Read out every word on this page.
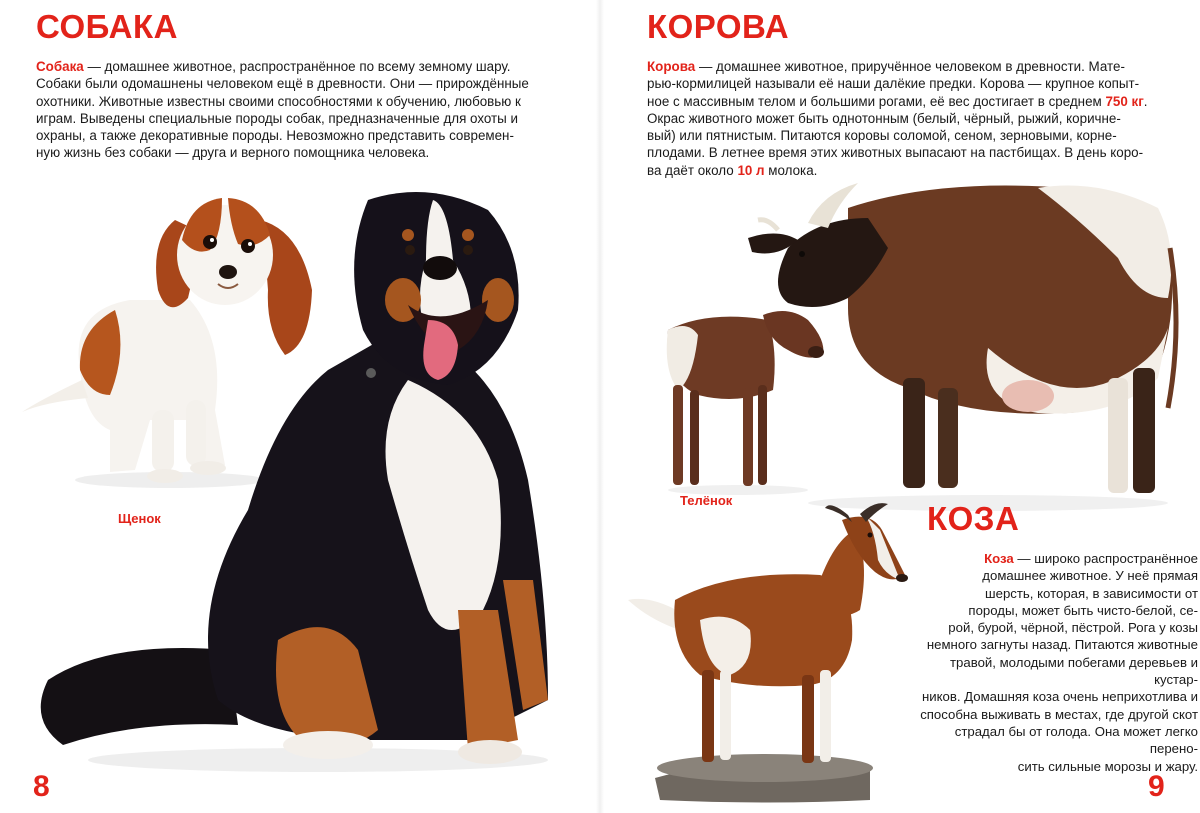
СОБАКА
Собака — домашнее животное, распространённое по всему земному шару.
Собаки были одомашнены человеком ещё в древности. Они — прирождённые
охотники. Животные известны своими способностями к обучению, любовью к
играм. Выведены специальные породы собак, предназначенные для охоты и
охраны, а также декоративные породы. Невозможно представить современ-
ную жизнь без собаки — друга и верного помощника человека.

Щенок

8

КОРОВА
Корова — домашнее животное, приручённое человеком в древности. Мате-
рью-кормилицей называли её наши далёкие предки. Корова — крупное копыт-
ное с массивным телом и большими рогами, её вес достигает в среднем 750 кг.
Окрас животного может быть однотонным (белый, чёрный, рыжий, коричне-
вый) или пятнистым. Питаются коровы соломой, сеном, зерновыми, корне-
плодами. В летнее время этих животных выпасают на пастбищах. В день коро-
ва даёт около 10 л молока.

Телёнок	КОЗА
Коза — широко распространённое
домашнее животное. У неё прямая
шерсть, которая, в зависимости от
породы, может быть чисто-белой, се-
рой, бурой, чёрной, пёстрой. Рога у козы
немного загнуты назад. Питаются животные
травой, молодыми побегами деревьев и кустар-
ников. Домашняя коза очень неприхотлива и
способна выживать в местах, где другой скот
страдал бы от голода. Она может легко перено-
сить сильные морозы и жару.

9
